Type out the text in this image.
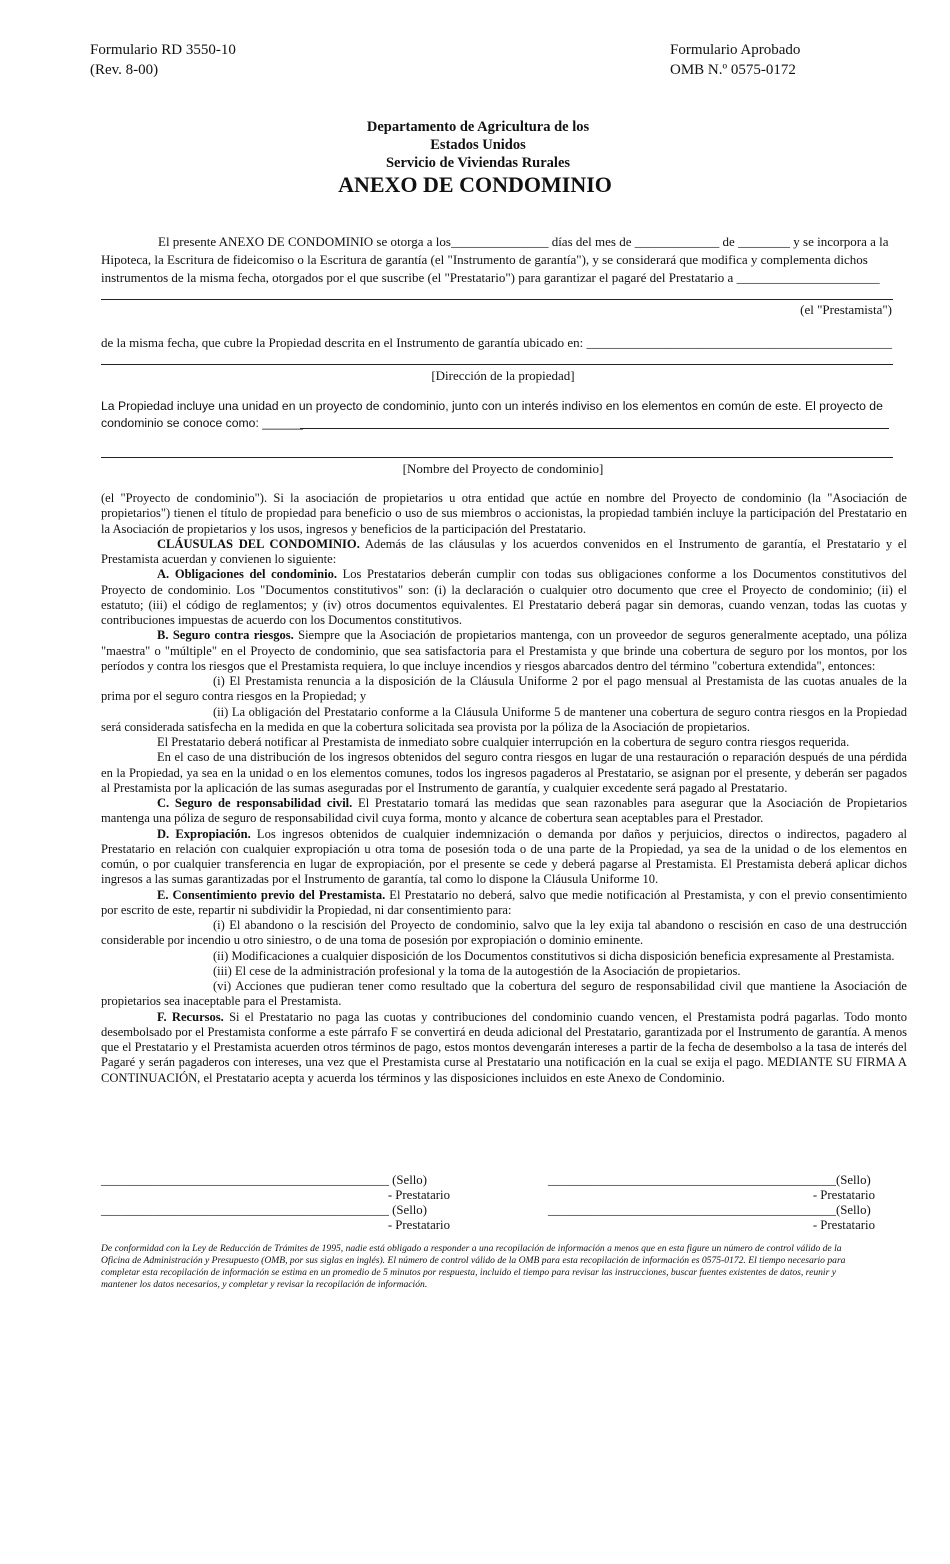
Formulario RD 3550-10
(Rev. 8-00)
Formulario Aprobado
OMB N.º 0575-0172
Departamento de Agricultura de los
Estados Unidos
Servicio de Viviendas Rurales
ANEXO DE CONDOMINIO
El presente ANEXO DE CONDOMINIO se otorga a los_______________ días del mes de _____________ de ________ y se incorpora a la
Hipoteca, la Escritura de fideicomiso o la Escritura de garantía (el "Instrumento de garantía"), y se considerará que modifica y complementa dichos
instrumentos de la misma fecha, otorgados por el que suscribe (el "Prestatario") para garantizar el pagaré del Prestatario a ______________________
(el "Prestamista")
de la misma fecha, que cubre la Propiedad descrita en el Instrumento de garantía ubicado en: _______________________________________________
[Dirección de la propiedad]
La Propiedad incluye una unidad en un proyecto de condominio, junto con un interés indiviso en los elementos en común de este. El proyecto de
condominio se conoce como: ______
[Nombre del Proyecto de condominio]

(el "Proyecto de condominio"). Si la asociación de propietarios u otra entidad que actúe en nombre del Proyecto de condominio (la "Asociación de propietarios") tienen el título de propiedad para beneficio o uso de sus miembros o accionistas, la propiedad también incluye la participación del Prestatario en la Asociación de propietarios y los usos, ingresos y beneficios de la participación del Prestatario.

CLÁUSULAS DEL CONDOMINIO. Además de las cláusulas y los acuerdos convenidos en el Instrumento de garantía, el Prestatario y el Prestamista acuerdan y convienen lo siguiente:

A. Obligaciones del condominio. Los Prestatarios deberán cumplir con todas sus obligaciones conforme a los Documentos constitutivos del Proyecto de condominio. Los "Documentos constitutivos" son: (i) la declaración o cualquier otro documento que cree el Proyecto de condominio; (ii) el estatuto; (iii) el código de reglamentos; y (iv) otros documentos equivalentes. El Prestatario deberá pagar sin demoras, cuando venzan, todas las cuotas y contribuciones impuestas de acuerdo con los Documentos constitutivos.

B. Seguro contra riesgos. Siempre que la Asociación de propietarios mantenga, con un proveedor de seguros generalmente aceptado, una póliza "maestra" o "múltiple" en el Proyecto de condominio, que sea satisfactoria para el Prestamista y que brinde una cobertura de seguro por los montos, por los períodos y contra los riesgos que el Prestamista requiera, lo que incluye incendios y riesgos abarcados dentro del término "cobertura extendida", entonces:

(i) El Prestamista renuncia a la disposición de la Cláusula Uniforme 2 por el pago mensual al Prestamista de las cuotas anuales de la prima por el seguro contra riesgos en la Propiedad; y

(ii) La obligación del Prestatario conforme a la Cláusula Uniforme 5 de mantener una cobertura de seguro contra riesgos en la Propiedad será considerada satisfecha en la medida en que la cobertura solicitada sea provista por la póliza de la Asociación de propietarios.

El Prestatario deberá notificar al Prestamista de inmediato sobre cualquier interrupción en la cobertura de seguro contra riesgos requerida.

En el caso de una distribución de los ingresos obtenidos del seguro contra riesgos en lugar de una restauración o reparación después de una pérdida en la Propiedad, ya sea en la unidad o en los elementos comunes, todos los ingresos pagaderos al Prestatario, se asignan por el presente, y deberán ser pagados al Prestamista por la aplicación de las sumas aseguradas por el Instrumento de garantía, y cualquier excedente será pagado al Prestatario.

C. Seguro de responsabilidad civil. El Prestatario tomará las medidas que sean razonables para asegurar que la Asociación de Propietarios mantenga una póliza de seguro de responsabilidad civil cuya forma, monto y alcance de cobertura sean aceptables para el Prestador.

D. Expropiación. Los ingresos obtenidos de cualquier indemnización o demanda por daños y perjuicios, directos o indirectos, pagadero al Prestatario en relación con cualquier expropiación u otra toma de posesión toda o de una parte de la Propiedad, ya sea de la unidad o de los elementos en común, o por cualquier transferencia en lugar de expropiación, por el presente se cede y deberá pagarse al Prestamista. El Prestamista deberá aplicar dichos ingresos a las sumas garantizadas por el Instrumento de garantía, tal como lo dispone la Cláusula Uniforme 10.

E. Consentimiento previo del Prestamista. El Prestatario no deberá, salvo que medie notificación al Prestamista, y con el previo consentimiento por escrito de este, repartir ni subdividir la Propiedad, ni dar consentimiento para:

(i) El abandono o la rescisión del Proyecto de condominio, salvo que la ley exija tal abandono o rescisión en caso de una destrucción considerable por incendio u otro siniestro, o de una toma de posesión por expropiación o dominio eminente.

(ii) Modificaciones a cualquier disposición de los Documentos constitutivos si dicha disposición beneficia expresamente al Prestamista.

(iii) El cese de la administración profesional y la toma de la autogestión de la Asociación de propietarios.

(vi) Acciones que pudieran tener como resultado que la cobertura del seguro de responsabilidad civil que mantiene la Asociación de propietarios sea inaceptable para el Prestamista.

F. Recursos. Si el Prestatario no paga las cuotas y contribuciones del condominio cuando vencen, el Prestamista podrá pagarlas. Todo monto desembolsado por el Prestamista conforme a este párrafo F se convertirá en deuda adicional del Prestatario, garantizada por el Instrumento de garantía. A menos que el Prestatario y el Prestamista acuerden otros términos de pago, estos montos devengarán intereses a partir de la fecha de desembolso a la tasa de interés del Pagaré y serán pagaderos con intereses, una vez que el Prestamista curse al Prestatario una notificación en la cual se exija el pago. MEDIANTE SU FIRMA A CONTINUACIÓN, el Prestatario acepta y acuerda los términos y las disposiciones incluidos en este Anexo de Condominio.

_____________________________________________ (Sello)
- Prestatario
_____________________________________________ (Sello)
- Prestatario
_____________________________________________(Sello)
- Prestatario
_____________________________________________(Sello)
- Prestatario
De conformidad con la Ley de Reducción de Trámites de 1995, nadie está obligado a responder a una recopilación de información a menos que en esta figure un número de control válido de la Oficina de Administración y Presupuesto (OMB, por sus siglas en inglés). El número de control válido de la OMB para esta recopilación de información es 0575-0172. El tiempo necesario para completar esta recopilación de información se estima en un promedio de 5 minutos por respuesta, incluido el tiempo para revisar las instrucciones, buscar fuentes existentes de datos, reunir y mantener los datos necesarios, y completar y revisar la recopilación de información.
